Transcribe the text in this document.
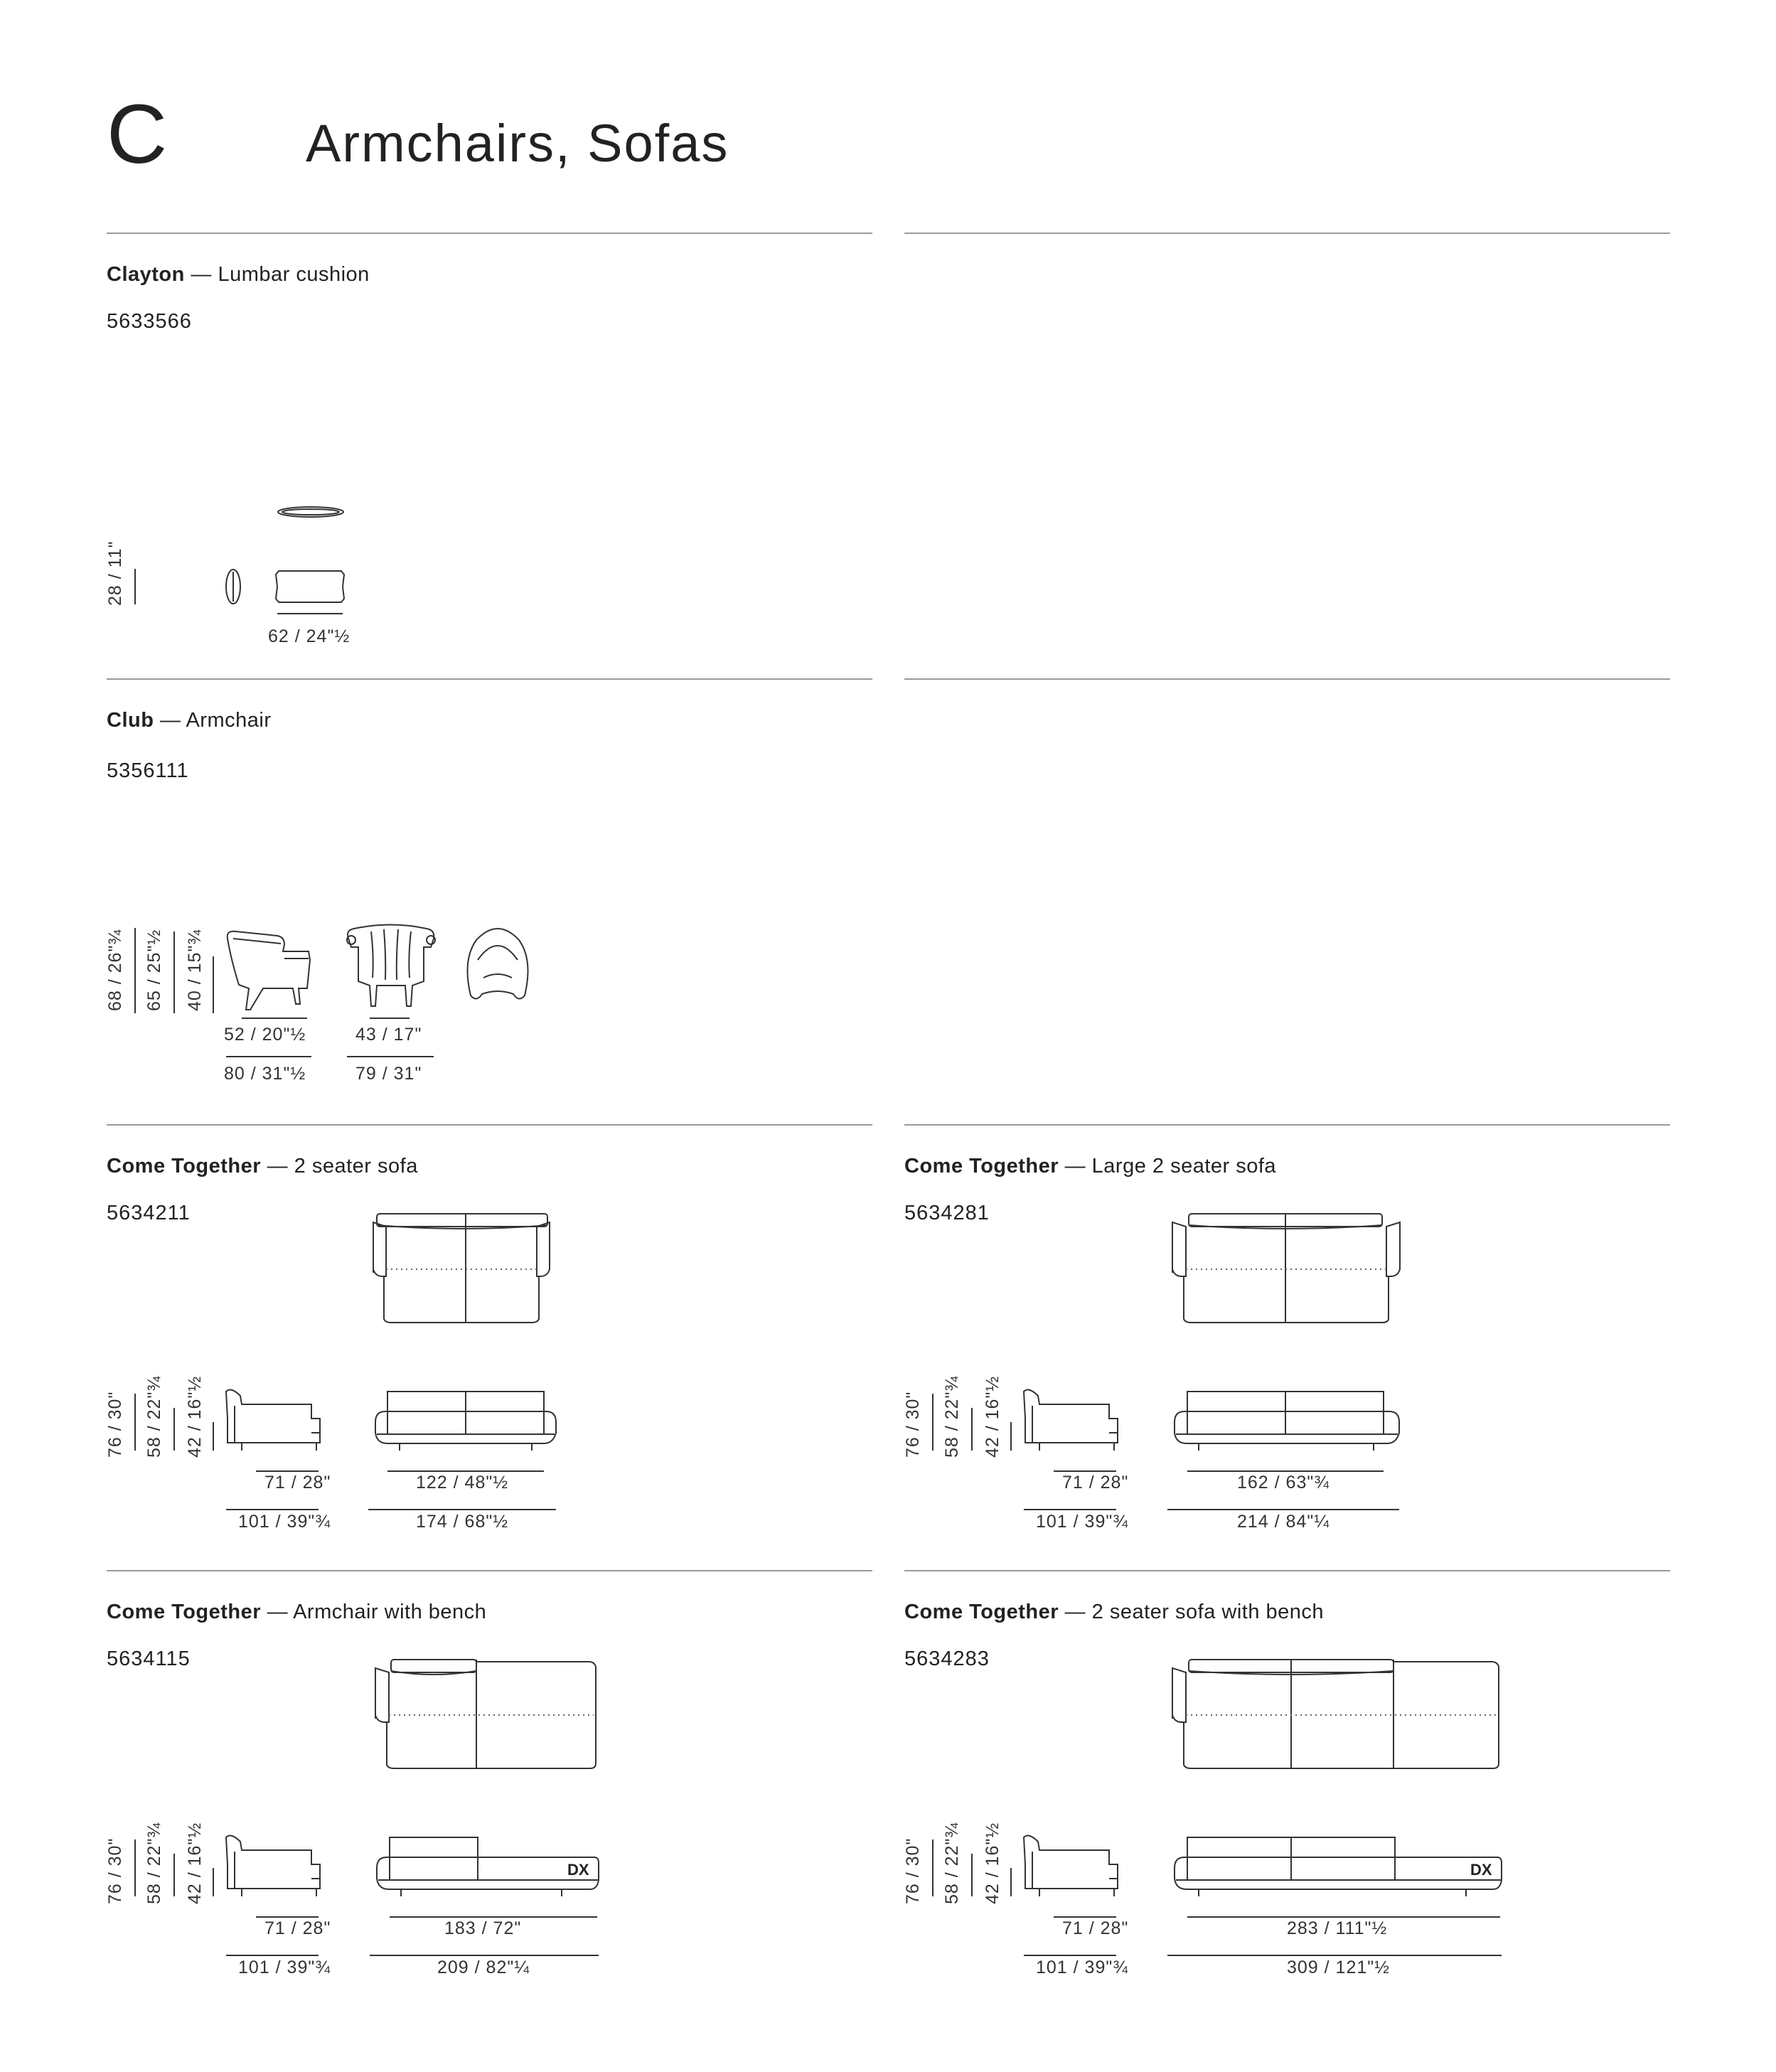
C	Armchairs, Sofas
Clayton — Lumbar cushion
5633566
28 / 11"
62 / 24"½
Club — Armchair
5356111
68 / 26"¾ 65 / 25"½ 40 / 15"¾
52 / 20"½	43 / 17"
80 / 31"½	79 / 31"
Come Together — 2 seater sofa
5634211
76 / 30" 58 / 22"¾ 42 / 16"½
71 / 28"	122 / 48"½
101 / 39"¾	174 / 68"½
Come Together — Large 2 seater sofa
5634281
76 / 30" 58 / 22"¾ 42 / 16"½
71 / 28"	162 / 63"¾
101 / 39"¾	214 / 84"¼
Come Together — Armchair with bench
5634115
76 / 30" 58 / 22"¾ 42 / 16"½	DX
71 / 28"	183 / 72"
101 / 39"¾	209 / 82"¼
Come Together — 2 seater sofa with bench
5634283
76 / 30" 58 / 22"¾ 42 / 16"½	DX
71 / 28"	283 / 111"½
101 / 39"¾	309 / 121"½
